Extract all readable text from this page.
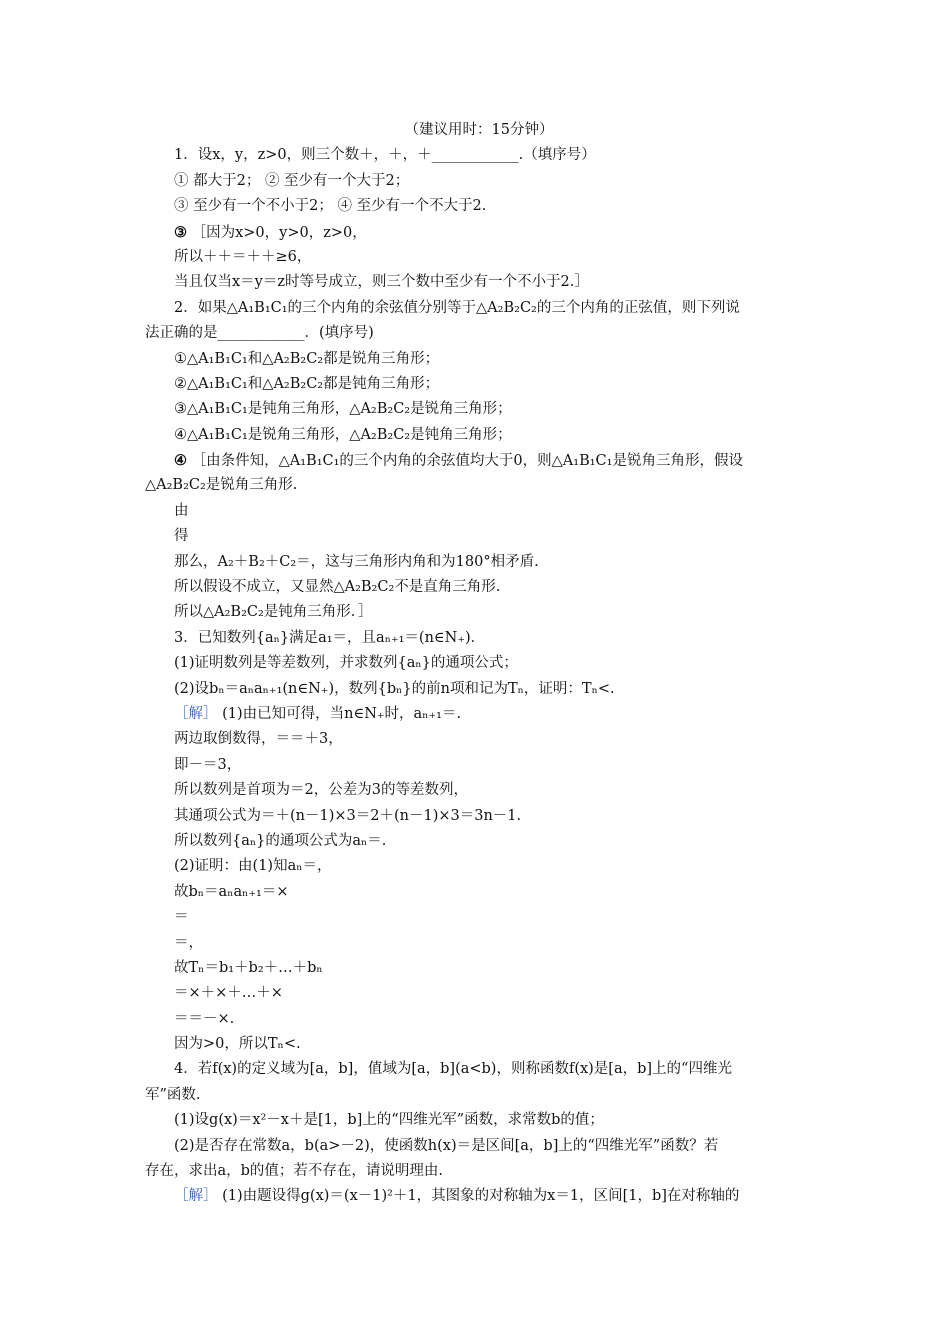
（建议用时：15分钟）
1．设x，y，z>0，则三个数＋，＋，＋____________.（填序号）
① 都大于2； ② 至少有一个大于2；
③ 至少有一个不小于2； ④ 至少有一个不大于2.
③ ［因为x>0，y>0，z>0，
所以＋＋＝＋＋≥6，
当且仅当x＝y＝z时等号成立，则三个数中至少有一个不小于2.］
2．如果△A₁B₁C₁的三个内角的余弦值分别等于△A₂B₂C₂的三个内角的正弦值，则下列说
法正确的是____________．(填序号)
①△A₁B₁C₁和△A₂B₂C₂都是锐角三角形；
②△A₁B₁C₁和△A₂B₂C₂都是钝角三角形；
③△A₁B₁C₁是钝角三角形，△A₂B₂C₂是锐角三角形；
④△A₁B₁C₁是锐角三角形，△A₂B₂C₂是钝角三角形；
④ ［由条件知，△A₁B₁C₁的三个内角的余弦值均大于0，则△A₁B₁C₁是锐角三角形，假设
△A₂B₂C₂是锐角三角形.
由
得
那么，A₂＋B₂＋C₂＝，这与三角形内角和为180°相矛盾.
所以假设不成立，又显然△A₂B₂C₂不是直角三角形.
所以△A₂B₂C₂是钝角三角形．］
3．已知数列{aₙ}满足a₁＝，且aₙ₊₁＝(n∈N₊)．
(1)证明数列是等差数列，并求数列{aₙ}的通项公式；
(2)设bₙ＝aₙaₙ₊₁(n∈N₊)，数列{bₙ}的前n项和记为Tₙ，证明：Tₙ<.
［解］ (1)由已知可得，当n∈N₊时，aₙ₊₁＝.
两边取倒数得，＝＝＋3，
即－＝3，
所以数列是首项为＝2，公差为3的等差数列，
其通项公式为＝＋(n－1)×3＝2＋(n－1)×3＝3n－1.
所以数列{aₙ}的通项公式为aₙ＝.
(2)证明：由(1)知aₙ＝，
故bₙ＝aₙaₙ₊₁＝×
＝
＝，
故Tₙ＝b₁＋b₂＋…＋bₙ
＝×＋×＋…＋×
＝＝－×.
因为>0，所以Tₙ<.
4．若f(x)的定义域为[a，b]，值域为[a，b](a<b)，则称函数f(x)是[a，b]上的“四维光
军”函数.
(1)设g(x)＝x²－x＋是[1，b]上的“四维光军”函数，求常数b的值；
(2)是否存在常数a，b(a>－2)，使函数h(x)＝是区间[a，b]上的“四维光军”函数？若
存在，求出a，b的值；若不存在，请说明理由.
［解］ (1)由题设得g(x)＝(x－1)²＋1，其图象的对称轴为x＝1，区间[1，b]在对称轴的
